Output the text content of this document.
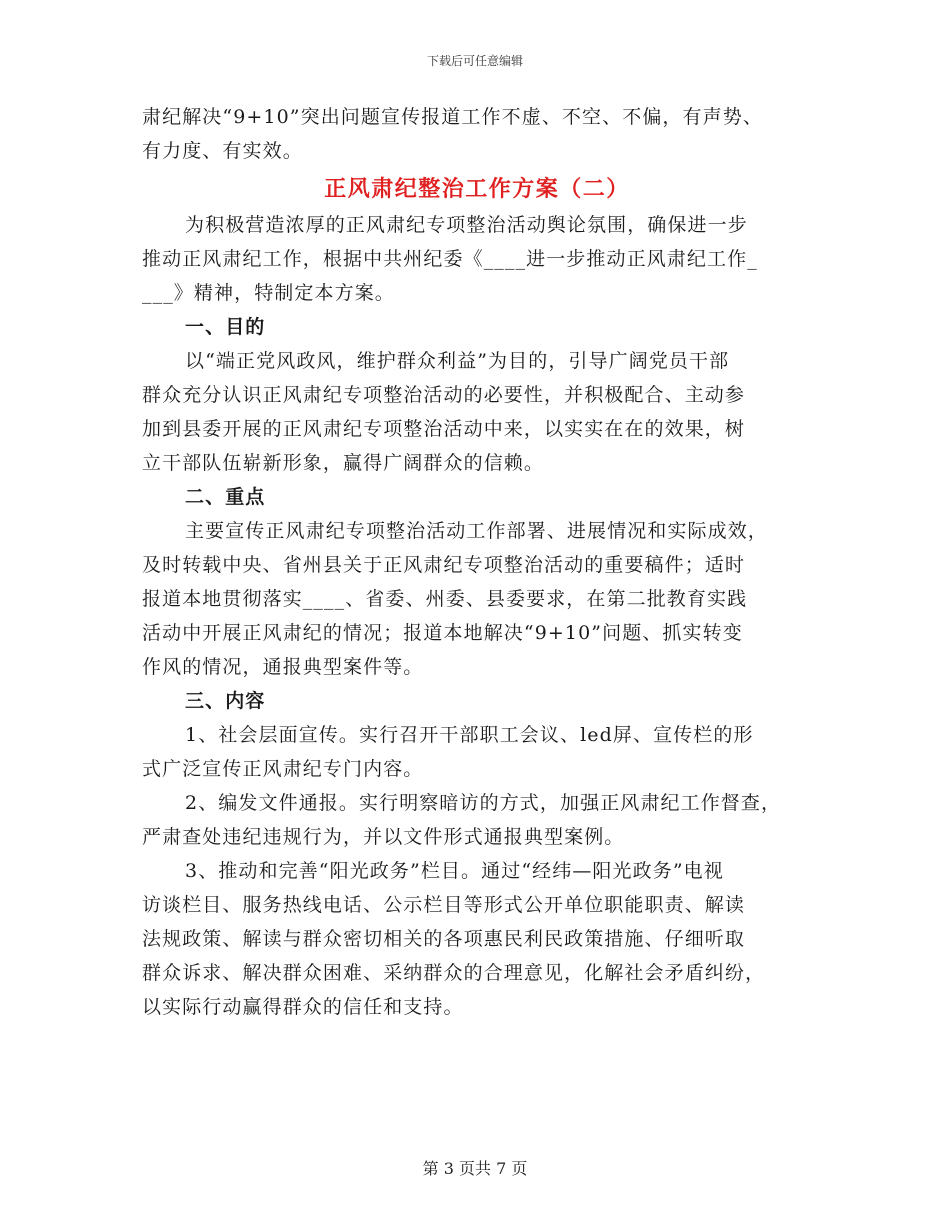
下载后可任意编辑
肃纪解决“9+10”突出问题宣传报道工作不虚、不空、不偏，有声势、
有力度、有实效。
正风肃纪整治工作方案（二）
为积极营造浓厚的正风肃纪专项整治活动舆论氛围，确保进一步
推动正风肃纪工作，根据中共州纪委《____进一步推动正风肃纪工作_
___》精神，特制定本方案。
一、目的
以“端正党风政风，维护群众利益”为目的，引导广阔党员干部
群众充分认识正风肃纪专项整治活动的必要性，并积极配合、主动参
加到县委开展的正风肃纪专项整治活动中来，以实实在在的效果，树
立干部队伍崭新形象，赢得广阔群众的信赖。
二、重点
主要宣传正风肃纪专项整治活动工作部署、进展情况和实际成效，
及时转载中央、省州县关于正风肃纪专项整治活动的重要稿件；适时
报道本地贯彻落实____、省委、州委、县委要求，在第二批教育实践
活动中开展正风肃纪的情况；报道本地解决“9+10”问题、抓实转变
作风的情况，通报典型案件等。
三、内容
1、社会层面宣传。实行召开干部职工会议、led屏、宣传栏的形
式广泛宣传正风肃纪专门内容。
2、编发文件通报。实行明察暗访的方式，加强正风肃纪工作督查，
严肃查处违纪违规行为，并以文件形式通报典型案例。
3、推动和完善“阳光政务”栏目。通过“经纬—阳光政务”电视
访谈栏目、服务热线电话、公示栏目等形式公开单位职能职责、解读
法规政策、解读与群众密切相关的各项惠民利民政策措施、仔细听取
群众诉求、解决群众困难、采纳群众的合理意见，化解社会矛盾纠纷，
以实际行动赢得群众的信任和支持。
第 3 页共 7 页
